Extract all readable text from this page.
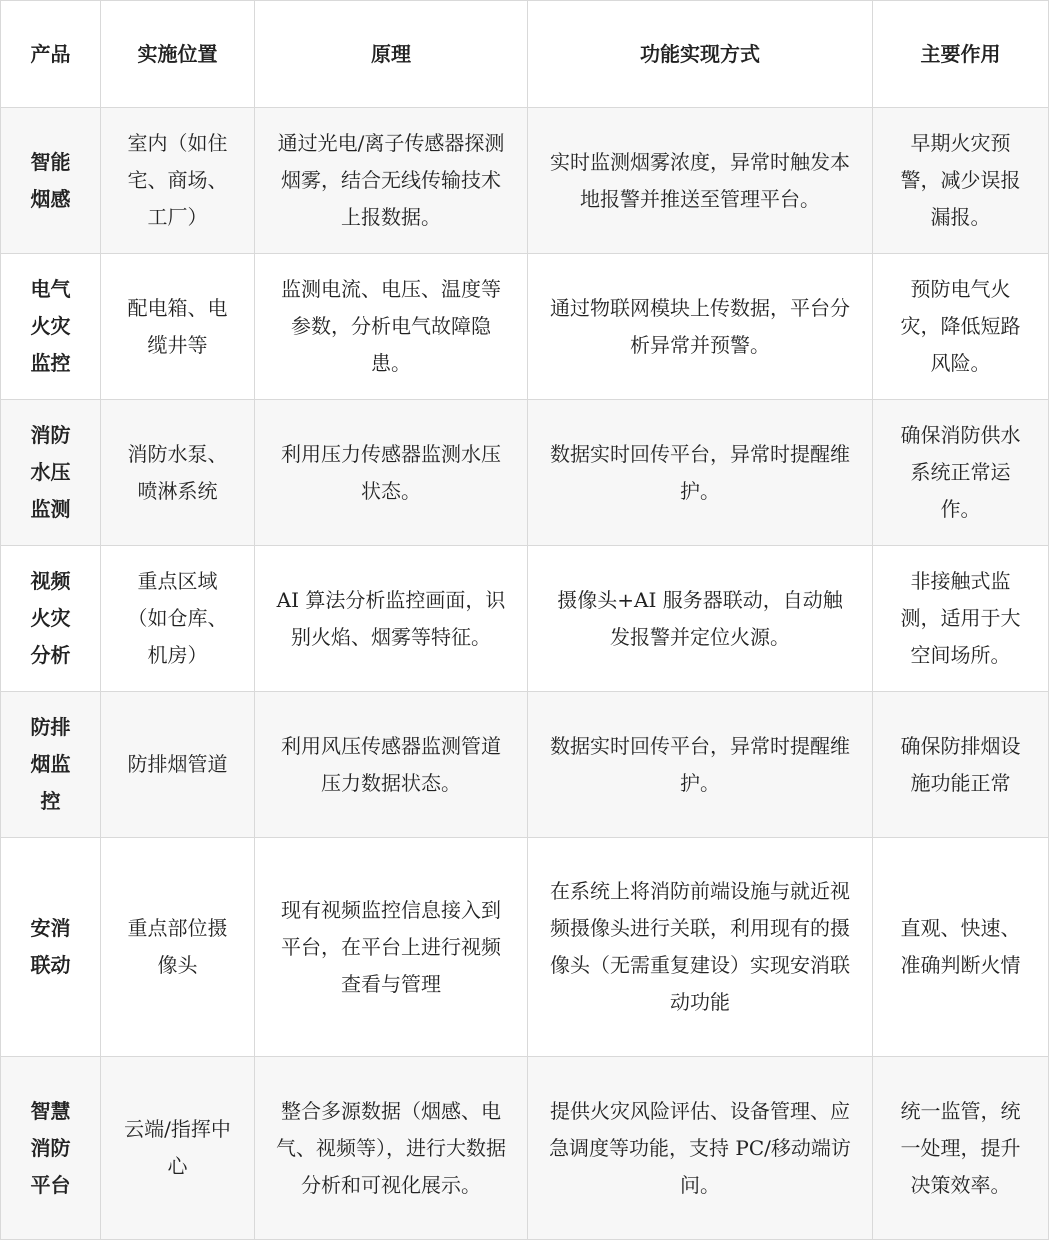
产品	实施位置	原理	功能实现方式	主要作用
智能烟感	室内（如住宅、商场、工厂）	通过光电/离子传感器探测烟雾，结合无线传输技术上报数据。	实时监测烟雾浓度，异常时触发本地报警并推送至管理平台。	早期火灾预警，减少误报漏报。
电气火灾监控	配电箱、电缆井等	监测电流、电压、温度等参数，分析电气故障隐患。	通过物联网模块上传数据，平台分析异常并预警。	预防电气火灾，降低短路风险。
消防水压监测	消防水泵、喷淋系统	利用压力传感器监测水压状态。	数据实时回传平台，异常时提醒维护。	确保消防供水系统正常运作。
视频火灾分析	重点区域（如仓库、机房）	AI 算法分析监控画面，识别火焰、烟雾等特征。	摄像头+AI 服务器联动，自动触发报警并定位火源。	非接触式监测，适用于大空间场所。
防排烟监控	防排烟管道	利用风压传感器监测管道压力数据状态。	数据实时回传平台，异常时提醒维护。	确保防排烟设施功能正常
安消联动	重点部位摄像头	现有视频监控信息接入到平台，在平台上进行视频查看与管理	在系统上将消防前端设施与就近视频摄像头进行关联，利用现有的摄像头（无需重复建设）实现安消联动功能	直观、快速、准确判断火情
智慧消防平台	云端/指挥中心	整合多源数据（烟感、电气、视频等），进行大数据分析和可视化展示。	提供火灾风险评估、设备管理、应急调度等功能，支持 PC/移动端访问。	统一监管，统一处理，提升决策效率。
